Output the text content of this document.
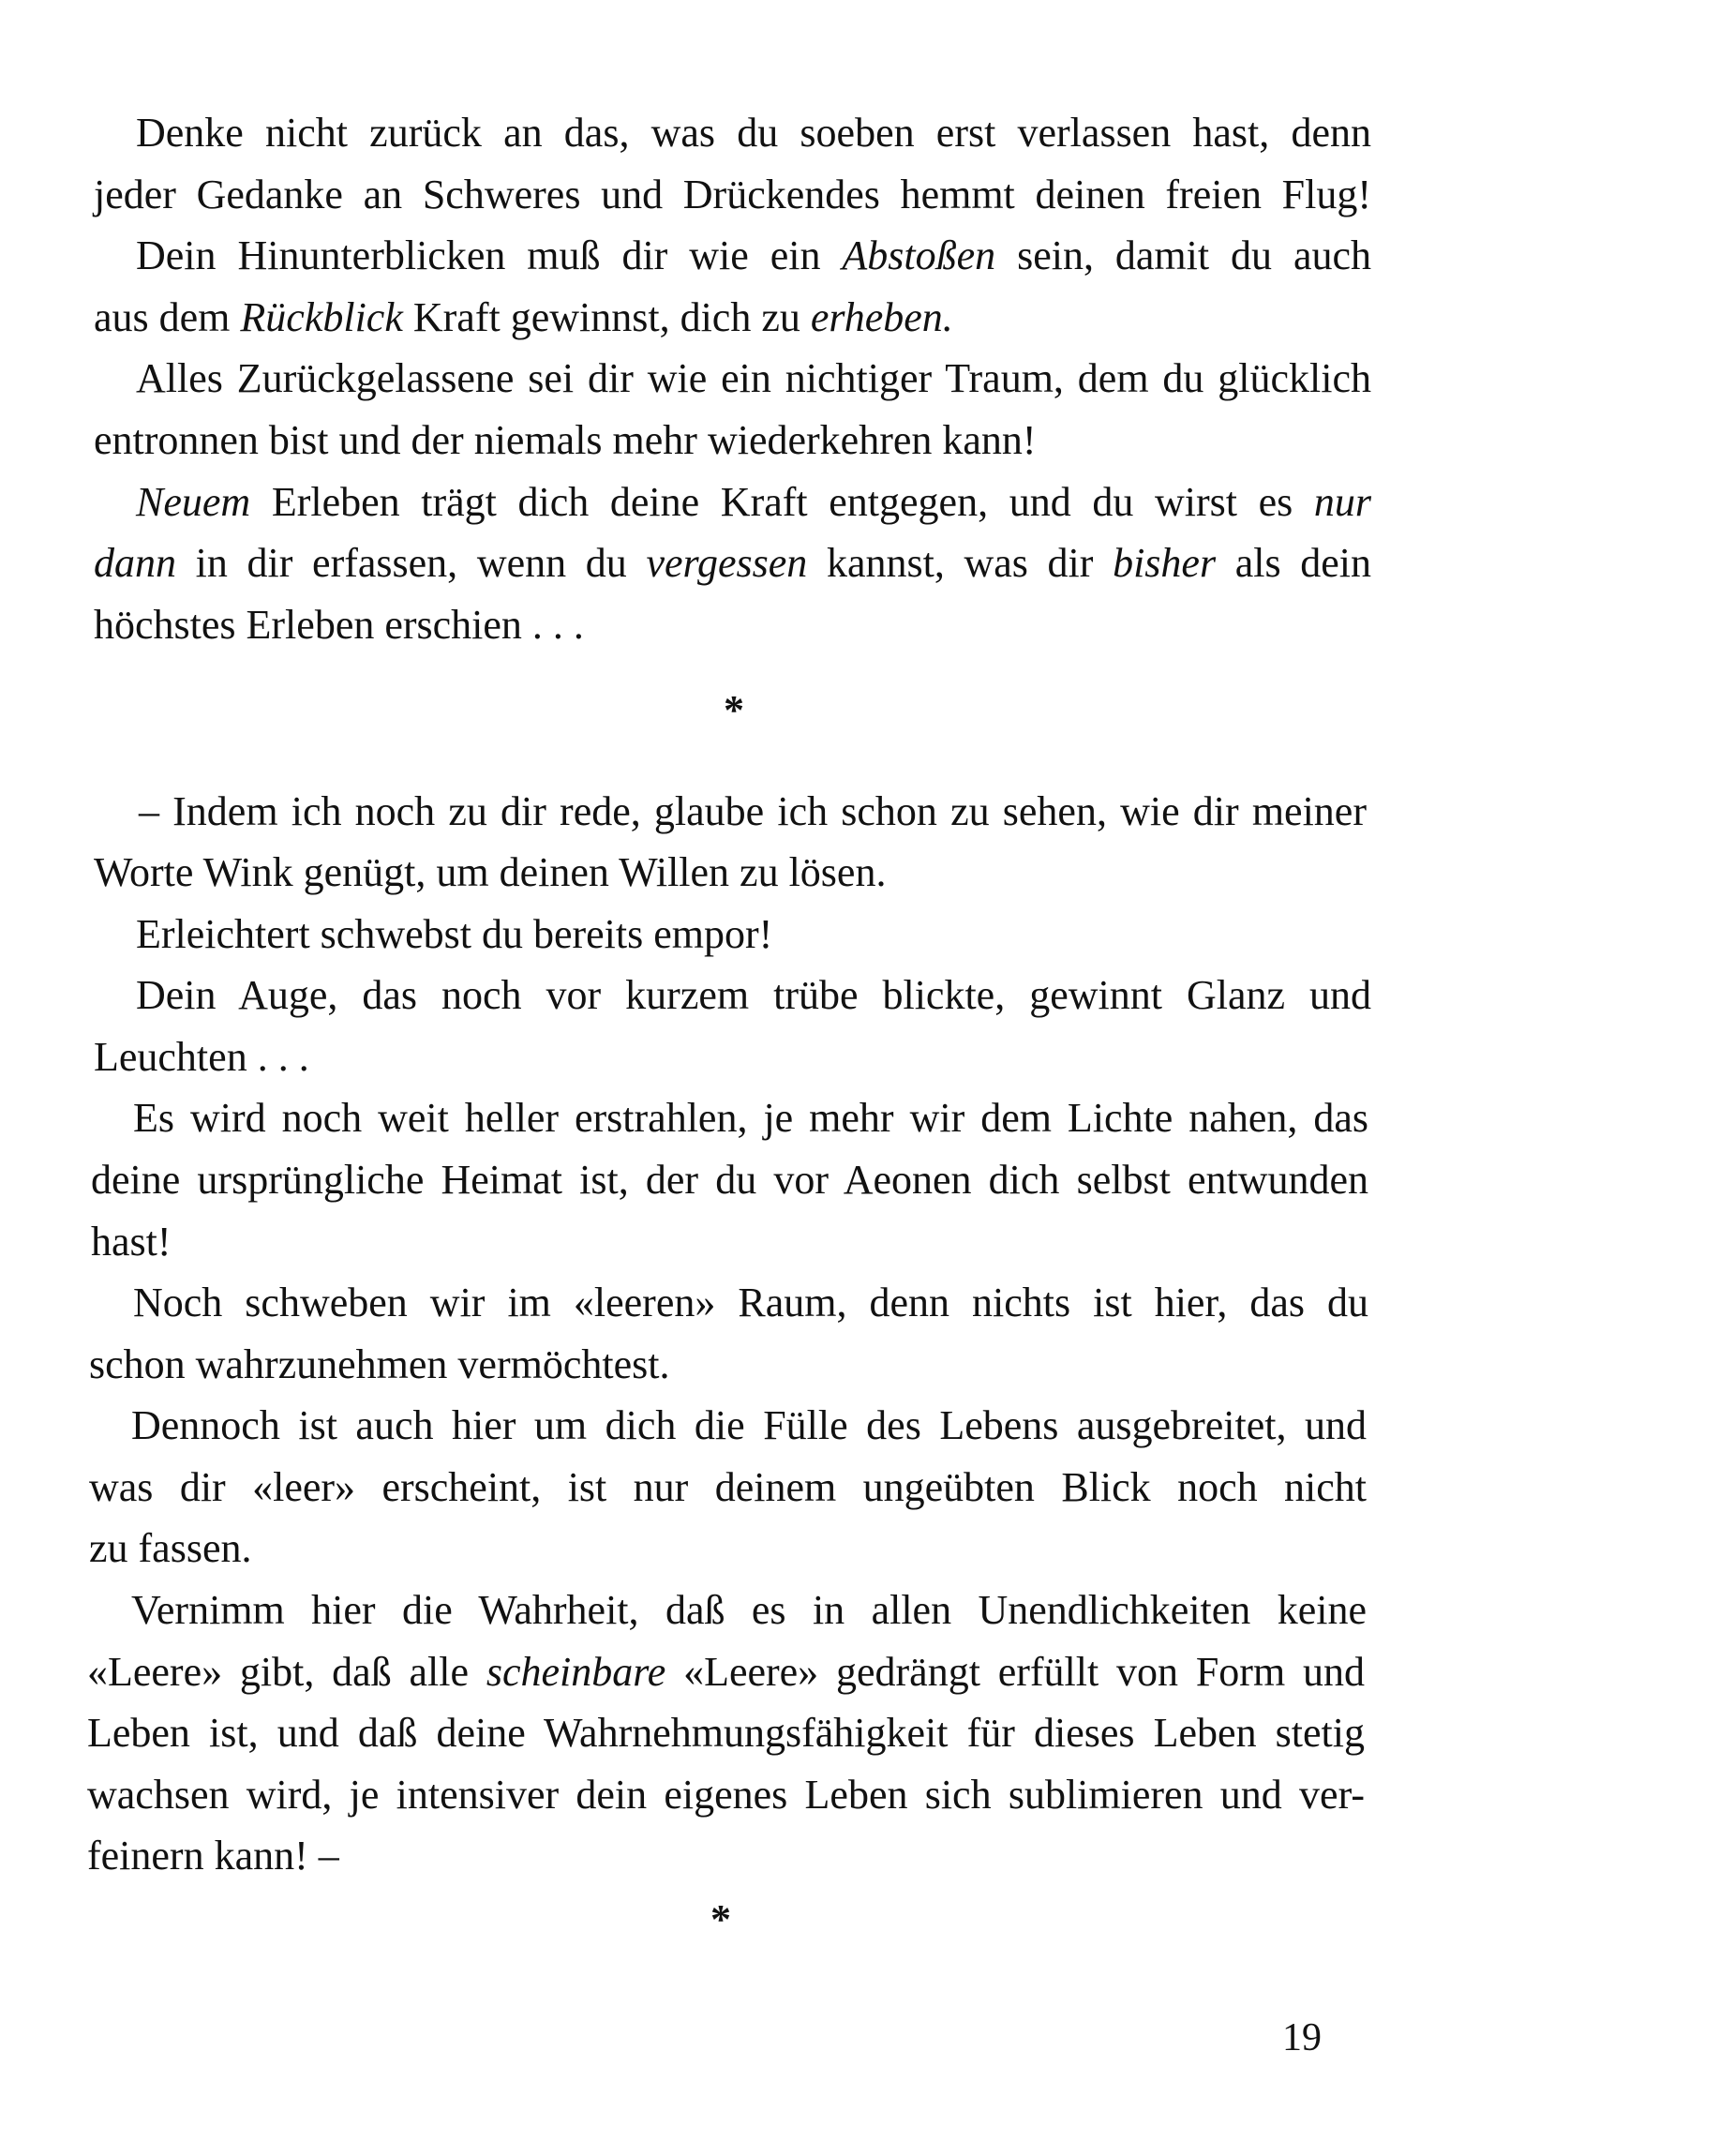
Denke nicht zurück an das, was du soeben erst verlassen hast, denn
jeder Gedanke an Schweres und Drückendes hemmt deinen freien Flug!
Dein Hinunterblicken muß dir wie ein Abstoßen sein, damit du auch
aus dem Rückblick Kraft gewinnst, dich zu erheben.
Alles Zurückgelassene sei dir wie ein nichtiger Traum, dem du glücklich
entronnen bist und der niemals mehr wiederkehren kann!
Neuem Erleben trägt dich deine Kraft entgegen, und du wirst es nur
dann in dir erfassen, wenn du vergessen kannst, was dir bisher als dein
höchstes Erleben erschien . . .
– Indem ich noch zu dir rede, glaube ich schon zu sehen, wie dir meiner
Worte Wink genügt, um deinen Willen zu lösen.
Erleichtert schwebst du bereits empor!
Dein Auge, das noch vor kurzem trübe blickte, gewinnt Glanz und
Leuchten . . .
Es wird noch weit heller erstrahlen, je mehr wir dem Lichte nahen, das
deine ursprüngliche Heimat ist, der du vor Aeonen dich selbst entwunden
hast!
Noch schweben wir im «leeren» Raum, denn nichts ist hier, das du
schon wahrzunehmen vermöchtest.
Dennoch ist auch hier um dich die Fülle des Lebens ausgebreitet, und
was dir «leer» erscheint, ist nur deinem ungeübten Blick noch nicht
zu fassen.
Vernimm hier die Wahrheit, daß es in allen Unendlichkeiten keine
«Leere» gibt, daß alle scheinbare «Leere» gedrängt erfüllt von Form und
Leben ist, und daß deine Wahrnehmungsfähigkeit für dieses Leben stetig
wachsen wird, je intensiver dein eigenes Leben sich sublimieren und ver-
feinern kann! –
*
*
19
